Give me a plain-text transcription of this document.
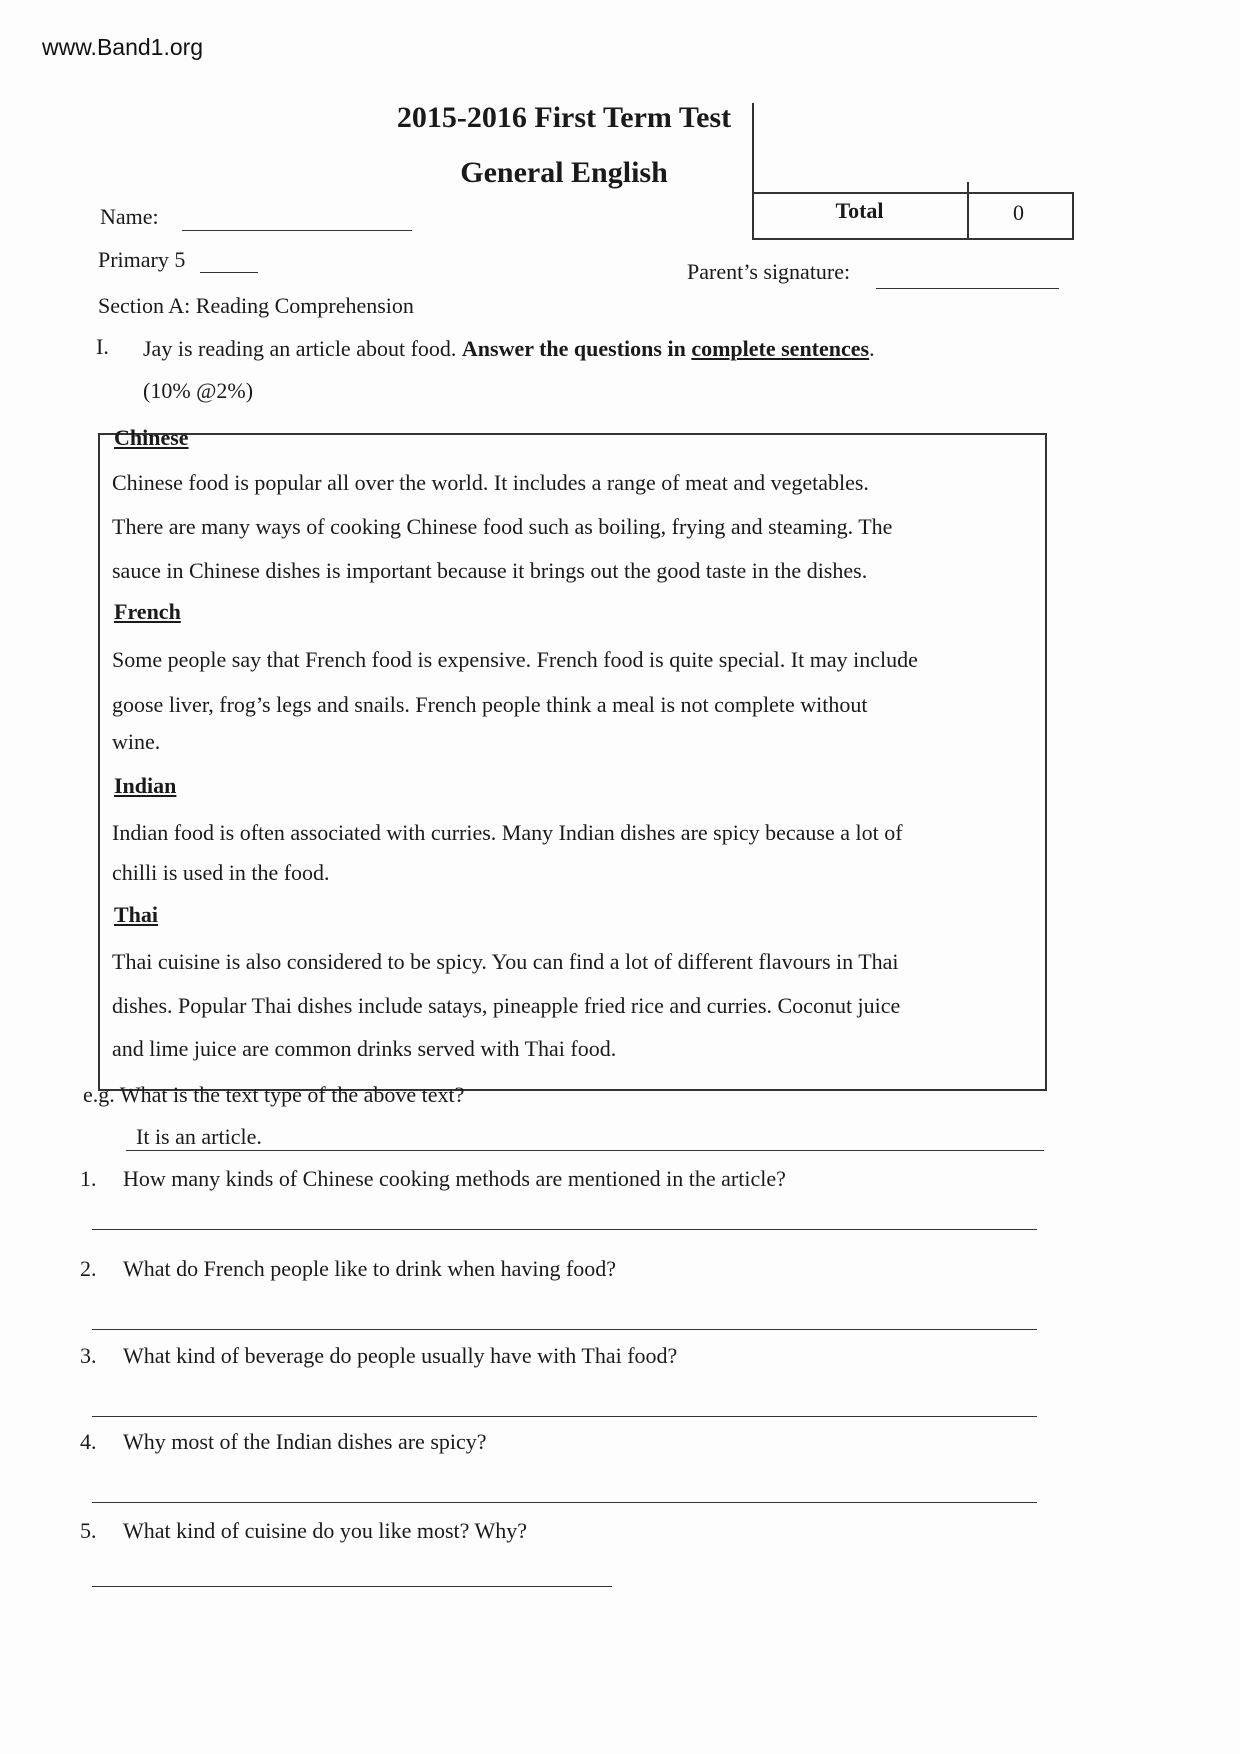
www.Band1.org
2015-2016 First Term Test
General English
Total	0
Name:
Primary 5	Parent’s signature:
Section A: Reading Comprehension
I. Jay is reading an article about food. Answer the questions in complete sentences.
(10% @2%)
Chinese
Chinese food is popular all over the world. It includes a range of meat and vegetables.
There are many ways of cooking Chinese food such as boiling, frying and steaming. The
sauce in Chinese dishes is important because it brings out the good taste in the dishes.
French
Some people say that French food is expensive. French food is quite special. It may include
goose liver, frog’s legs and snails. French people think a meal is not complete without
wine.
Indian
Indian food is often associated with curries. Many Indian dishes are spicy because a lot of
chilli is used in the food.
Thai
Thai cuisine is also considered to be spicy. You can find a lot of different flavours in Thai
dishes. Popular Thai dishes include satays, pineapple fried rice and curries. Coconut juice
and lime juice are common drinks served with Thai food.
e.g. What is the text type of the above text?
It is an article.
1. How many kinds of Chinese cooking methods are mentioned in the article?
2. What do French people like to drink when having food?
3. What kind of beverage do people usually have with Thai food?
4. Why most of the Indian dishes are spicy?
5. What kind of cuisine do you like most? Why?
